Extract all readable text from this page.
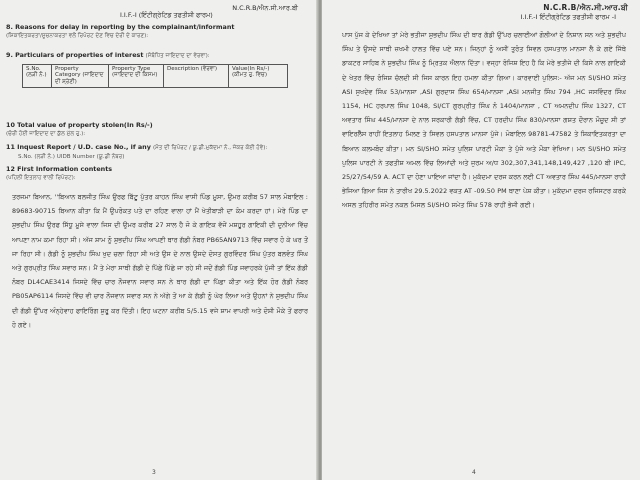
N.C.R.B/ਐਨ.ਸੀ.ਆਰ.ਬੀ
I.I.F.-I (ਇੰਟੀਗ੍ਰੇਟਿਡ ਤਫਤੀਸ਼ੀ ਫਾਰਮ)
8. Reasons for delay in reporting by the complainant/informant
(ਸ਼ਿਕਾਇਤਕਰਤਾ/ਸੂਚਨਾਕਰਤਾ ਵਲੋਂ ਰਿਪੋਰਟ ਦੇਣ ਵਿਚ ਦੇਰੀ ਦੇ ਕਾਰਣ):
9. Particulars of properties of interest (ਸੰਬੰਧਿਤ ਜਾਇਦਾਦ ਦਾ ਵੇਰਵਾ):
S.No. (ਲੜੀ ਨੰ.)	Property Category (ਜਾਇਦਾਦ ਦੀ ਸ਼੍ਰੇਣੀ)	Property Type (ਜਾਇਦਾਦ ਦੀ ਕਿਸਮ)	Description (ਵੇਰਵਾ)	Value(In Rs/-) (ਕੀਮਤ ਰੁ. ਵਿਚ)
10 Total value of property stolen(In Rs/-)
(ਚੋਰੀ ਹੋਈ ਜਾਇਦਾਦ ਦਾ ਕੁੱਲ ਮੁੱਲ ਰੁ.):
11 Inquest Report / U.D. case No., if any (ਮੌਤ ਦੀ ਰਿਪੋਰਟ / ਯੂ.ਡੀ.ਮੁਕੱਦਮਾ ਨੰ., ਜੇਕਰ ਕੋਈ ਹੋਵੇ):
S.No. (ਲੜੀ ਨੰ.) UIDB Number (ਯੂ.ਡੀ ਨੰਬਰ)
12 First Information contents
(ਪਹਿਲੀ ਇਤਲਾਹ ਵਾਲੀ ਰਿਪੋਰਟ):
ਤਰਜਮਾ ਬਿਆਨ, ''ਬਿਆਨ ਬਲਜੀਤ ਸਿੰਘ ਉਰਫ ਬਿੱਟੂ ਪੁੱਤਰ ਕਾਹਨ ਸਿੰਘ ਵਾਸੀ ਪਿੰਡ ਮੂਸਾ, ਉਮਰ ਕਰੀਬ 57 ਸਾਲ ਮੋਬਾਇਲ : 89683-90715 ਬਿਆਨ ਕੀਤਾ ਕਿ ਮੈਂ ਉਪਰੋਕਤ ਪਤੇ ਦਾ ਰਹਿਣ ਵਾਲਾ ਹਾਂ ਮੈਂ ਖੇਤੀਬਾੜੀ ਦਾ ਕੰਮ ਕਰਦਾ ਹਾਂ। ਮੇਰੇ ਪਿੰਡ ਦਾ ਸ਼ੁਭਦੀਪ ਸਿੰਘ ਉਰਫ ਸਿੱਧੂ ਮੂਸੇ ਵਾਲਾ ਜਿਸ ਦੀ ਉਮਰ ਕਰੀਬ 27 ਸਾਲ ਹੈ ਜੋ ਕੇ ਗਾਇਕ ਵੱਜੋਂ ਮਸ਼ਹੂਰ ਗਾਇਕੀ ਦੀ ਦੁਨੀਆ ਵਿੱਚ ਆਪਣਾ ਨਾਮ ਕਮਾ ਰਿਹਾ ਸੀ। ਅੱਜ ਸ਼ਾਮ ਨੂੰ ਸ਼ੁਭਦੀਪ ਸਿੰਘ ਆਪਣੀ ਥਾਰ ਗੱਡੀ ਨੰਬਰ PB65AN9713 ਵਿੱਚ ਸਵਾਰ ਹੋ ਕੇ ਘਰ ਤੋਂ ਜਾ ਰਿਹਾ ਸੀ। ਗੱਡੀ ਨੂੰ ਸ਼ੁਭਦੀਪ ਸਿੰਘ ਖੁਦ ਚਲਾ ਰਿਹਾ ਸੀ ਅਤੇ ਉਸ ਦੇ ਨਾਲ ਉਸਦੇ ਦੋਸਤ ਗੁਰਵਿੰਦਰ ਸਿੰਘ ਪੁੱਤਰ ਬਲਵੰਤ ਸਿੰਘ ਅਤੇ ਗੁਰਪ੍ਰੀਤ ਸਿੰਘ ਸਵਾਰ ਸਨ। ਮੈਂ ਤੇ ਮੇਰਾ ਸਾਥੀ ਗੱਡੀ ਦੇ ਪਿੱਛੇ ਪਿੱਛੇ ਜਾ ਰਹੇ ਸੀ ਜਦੋਂ ਗੱਡੀ ਪਿੰਡ ਜਵਾਹਰਕੇ ਪੁੱਜੀ ਤਾਂ ਇੱਕ ਗੱਡੀ ਨੰਬਰ DL4CAE3414 ਜਿਸਦੇ ਵਿੱਚ ਚਾਰ ਨੌਜਵਾਨ ਸਵਾਰ ਸਨ ਨੇ ਥਾਰ ਗੱਡੀ ਦਾ ਪਿੱਛਾ ਕੀਤਾ ਅਤੇ ਇੱਕ ਹੋਰ ਗੱਡੀ ਨੰਬਰ PB05AP6114 ਜਿਸਦੇ ਵਿੱਚ ਵੀ ਚਾਰ ਨੌਜਵਾਨ ਸਵਾਰ ਸਨ ਨੇ ਅੱਗੇ ਤੋਂ ਆ ਕੇ ਗੱਡੀ ਨੂੰ ਘੇਰ ਲਿਆ ਅਤੇ ਉਹਨਾਂ ਨੇ ਸ਼ੁਭਦੀਪ ਸਿੰਘ ਦੀ ਗੱਡੀ ਉੱਪਰ ਅੰਨ੍ਹੇਵਾਹ ਫਾਇਰਿੰਗ ਸ਼ੁਰੂ ਕਰ ਦਿੱਤੀ। ਇਹ ਘਟਨਾ ਕਰੀਬ 5/5.15 ਵਜੇ ਸ਼ਾਮ ਵਾਪਰੀ ਅਤੇ ਦੋਸ਼ੀ ਮੌਕੇ ਤੋਂ ਫਰਾਰ ਹੋ ਗਏ।
3
N.C.R.B/ਐਨ.ਸੀ.ਆਰ.ਬੀ
I.I.F.-I ਇੰਟੀਗ੍ਰੇਟਿਡ ਤਫਤੀਸ਼ੀ ਫਾਰਮ -I
ਪਾਸ ਪੁੱਜ ਕੇ ਦੇਖਿਆ ਤਾਂ ਮੇਰੇ ਭਤੀਜਾ ਸ਼ੁਭਦੀਪ ਸਿੰਘ ਦੀ ਥਾਰ ਗੱਡੀ ਉੱਪਰ ਚਲਾਈਆਂ ਗੋਲੀਆਂ ਦੇ ਨਿਸ਼ਾਨ ਸਨ ਅਤੇ ਸ਼ੁਭਦੀਪ ਸਿੰਘ ਤੇ ਉਸਦੇ ਸਾਥੀ ਜ਼ਖਮੀ ਹਾਲਤ ਵਿੱਚ ਪਏ ਸਨ। ਜਿਨ੍ਹਾਂ ਨੂੰ ਅਸੀਂ ਤੁਰੰਤ ਸਿਵਲ ਹਸਪਤਾਲ ਮਾਨਸਾ ਲੈ ਕੇ ਗਏ ਜਿੱਥੇ ਡਾਕਟਰ ਸਾਹਿਬ ਨੇ ਸ਼ੁਭਦੀਪ ਸਿੰਘ ਨੂੰ ਮ੍ਰਿਤਕ ਐਲਾਨ ਦਿੱਤਾ। ਵਜ੍ਹਾ ਰੰਜਿਸ਼ ਇਹ ਹੈ ਕਿ ਮੇਰੇ ਭਤੀਜੇ ਦੀ ਕਿਸੇ ਨਾਲ ਗਾਇਕੀ ਦੇ ਖੇਤਰ ਵਿੱਚ ਰੰਜਿਸ਼ ਚੱਲਦੀ ਸੀ ਜਿਸ ਕਾਰਨ ਇਹ ਹਮਲਾ ਕੀਤਾ ਗਿਆ। ਕਾਰਵਾਈ ਪੁਲਿਸ:- ਅੱਜ ਮਨ SI/SHO ਸਮੇਤ ASI ਸੁਖਦੇਵ ਸਿੰਘ 53/ਮਾਨਸਾ ,ASI ਗੁਰਦਾਸ ਸਿੰਘ 654/ਮਾਨਸਾ ,ASI ਮਨਜੀਤ ਸਿੰਘ 794 ,HC ਜਸਵਿੰਦਰ ਸਿੰਘ 1154, HC ਹਰਪਾਲ ਸਿੰਘ 1048, SI/CT ਗੁਰਪ੍ਰੀਤ ਸਿੰਘ ਨੰ 1404/ਮਾਨਸਾ , CT ਅਮਨਦੀਪ ਸਿੰਘ 1327, CT ਅਵਤਾਰ ਸਿੰਘ 445/ਮਾਨਸਾ ਦੇ ਨਾਲ ਸਰਕਾਰੀ ਗੱਡੀ ਵਿੱਚ, CT ਹਰਦੀਪ ਸਿੰਘ 830/ਮਾਨਸਾ ਗਸ਼ਤ ਦੌਰਾਨ ਮੌਜੂਦ ਸੀ ਤਾਂ ਵਾਇਰਲੈੱਸ ਰਾਹੀਂ ਇਤਲਾਹ ਮਿਲਣ ਤੇ ਸਿਵਲ ਹਸਪਤਾਲ ਮਾਨਸਾ ਪੁੱਜੇ। ਮੋਬਾਇਲ 98781-47582 ਤੇ ਸ਼ਿਕਾਇਤਕਰਤਾ ਦਾ ਬਿਆਨ ਕਲਮਬੰਦ ਕੀਤਾ। ਮਨ SI/SHO ਸਮੇਤ ਪੁਲਿਸ ਪਾਰਟੀ ਮੌਕਾ ਤੇ ਪੁੱਜੇ ਅਤੇ ਮੌਕਾ ਵੇਖਿਆ। ਮਨ SI/SHO ਸਮੇਤ ਪੁਲਿਸ ਪਾਰਟੀ ਨੇ ਤਫਤੀਸ਼ ਅਮਲ ਵਿੱਚ ਲਿਆਂਦੀ ਅਤੇ ਜੁਰਮ ਅ/ਧ 302,307,341,148,149,427 ,120 ਬੀ IPC, 25/27/54/59 A. ACT ਦਾ ਹੋਣਾ ਪਾਇਆ ਜਾਂਦਾ ਹੈ। ਮੁਕੱਦਮਾ ਦਰਜ ਕਰਨ ਲਈ CT ਅਵਤਾਰ ਸਿੰਘ 445/ਮਾਨਸਾ ਰਾਹੀਂ ਭੇਜਿਆ ਗਿਆ ਜਿਸ ਨੇ ਤਾਰੀਖ 29.5.2022 ਵਕਤ AT -09.50 PM ਥਾਣਾ ਪੇਸ਼ ਕੀਤਾ। ਮੁਕੱਦਮਾ ਦਰਜ ਰਜਿਸਟਰ ਕਰਕੇ ਅਸਲ ਤਹਿਰੀਰ ਸਮੇਤ ਨਕਲ ਮਿਸਲ SI/SHO ਸਮੇਤ ਸਿੰਘ 578 ਰਾਹੀਂ ਭੇਜੀ ਗਈ।
4
